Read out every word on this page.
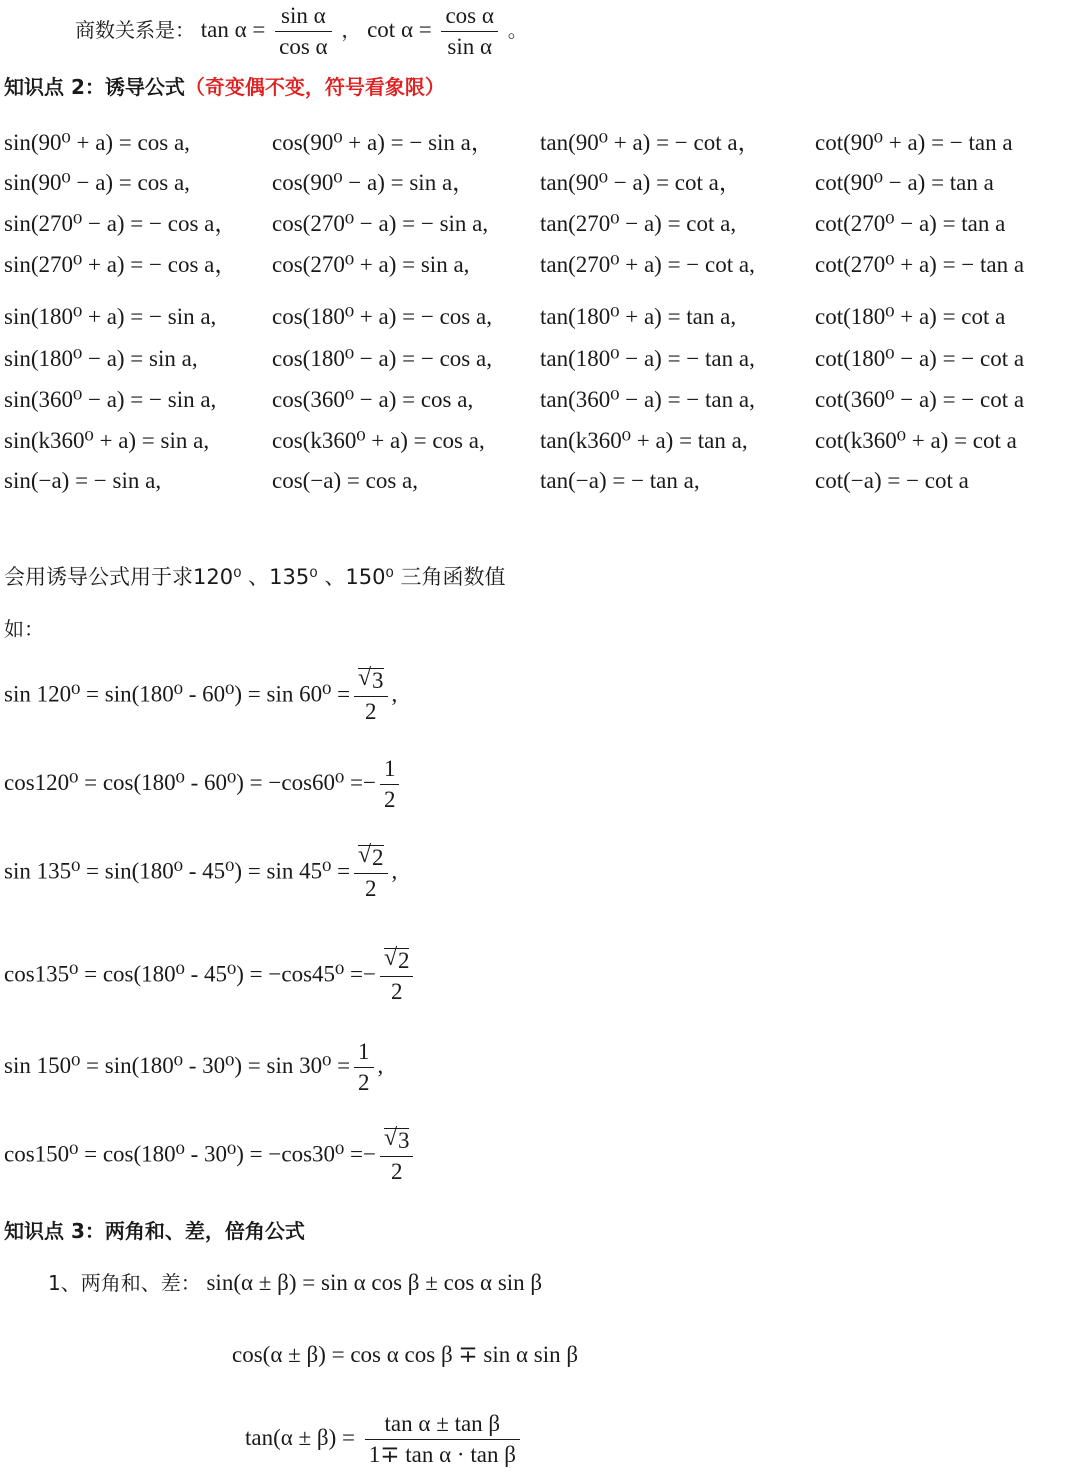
商数关系是： $\tan \alpha = \frac{\text{sin α}}{\text{cos α}}$ ， $\cot \alpha = \frac{\text{cos α}}{\text{sin α}}$ 。
知识点 2：诱导公式（奇变偶不变，符号看象限）
sin(90⁰ + a) = cos a,	cos(90⁰ + a) = − sin a， tan(90⁰ + a) = − cot a， cot(90⁰ + a) = − tan a
sin(90⁰ − a) = cos a,	cos(90⁰ − a) = sin a，	tan(90⁰ − a) = cot a，	cot(90⁰ − a) = tan a
sin(270⁰ − a) = − cos a， cos(270⁰ − a) = − sin a, tan(270⁰ − a) = cot a,	cot(270⁰ − a) = tan a
sin(270⁰ + a) = − cos a， cos(270⁰ + a) = sin a,	tan(270⁰ + a) = − cot a,	cot(270⁰ + a) = − tan a
sin(180⁰ + a) = − sin a, cos(180⁰ + a) = − cos a, tan(180⁰ + a) = tan a,	cot(180⁰ + a) = cot a
sin(180⁰ − a) = sin a,	cos(180⁰ − a) = − cos a, tan(180⁰ − a) = − tan a,	cot(180⁰ − a) = − cot a
sin(360⁰ − a) = − sin a, cos(360⁰ − a) = cos a,	tan(360⁰ − a) = − tan a,	cot(360⁰ − a) = − cot a
sin(k360⁰ + a) = sin a,	cos(k360⁰ + a) = cos a, tan(k360⁰ + a) = tan a,	cot(k360⁰ + a) = cot a
sin(−a) = − sin a,	cos(−a) = cos a,	tan(−a) = − tan a,	cot(−a) = − cot a
会用诱导公式用于求120⁰ 、135⁰ 、150⁰ 三角函数值
如：
sin 120⁰ = sin(180⁰ - 60⁰) = sin 60⁰ = √ $\frac{3}{2}$ ,
$\cos 120^0 = \cos(180^0 - 60^0) = -\cos 60^0 =- \frac{1}{2}$
sin 135⁰ = sin(180⁰ - 45⁰) = sin 45⁰ = √ $\frac{2}{2}$ ,
cos135⁰ = cos(180⁰ - 45⁰) = −cos45⁰ =− √ $\frac{2}{2}$
$\sin 150^0 = \sin(180^0 - 30^0) = \sin 30^0 = \frac{1}{2}$ ,
cos150⁰ = cos(180⁰ - 30⁰) = −cos30⁰ =− √ $\frac{3}{2}$
知识点 3：两角和、差，倍角公式
1、两角和、差： sin(α ± β) = sin α cos β ± cos α sin β
cos(α ± β) = cos α cos β ∓ sin α sin β
$\tan(\alpha \pm \beta) = \frac{\text{tan α ± tan β}}{\text{1∓ tan α · tan β}}$
